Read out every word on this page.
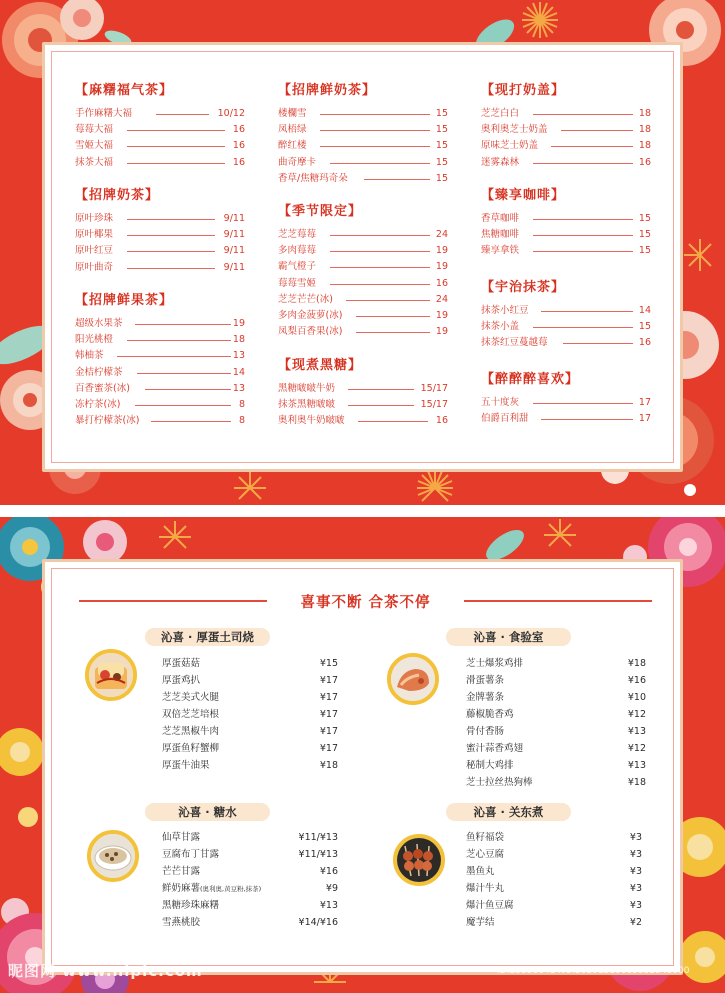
【麻糬福气茶】
手作麻糬大福	10/12
莓莓大福	16
雪姬大福	16
抹茶大福	16
【招牌奶茶】
原叶珍珠	9/11
原叶椰果	9/11
原叶红豆	9/11
原叶曲奇	9/11
【招牌鲜果茶】
超级水果茶	19
阳光桃橙	18
韩柚茶	13
金桔柠檬茶	14
百香蜜茶(冰)	13
冻柠茶(冰)	8
暴打柠檬茶(冰)	8
【招牌鲜奶茶】
楼欄雪	15
凤梧绿	15
醉红楼	15
曲奇摩卡	15
香草/焦糖玛奇朵	15
【季节限定】
芝芝莓莓	24
多肉莓莓	19
霸气橙子	19
莓莓雪姬	16
芝芝芒芒(冰)	24
多肉金菠萝(冰)	19
凤梨百香果(冰)	19
【现煮黑糖】
黑糖啵啵牛奶	15/17
抹茶黑糖啵啵	15/17
奥利奥牛奶啵啵	16
【现打奶盖】
芝芝白白	18
奥利奥芝士奶盖	18
原味芝士奶盖	18
迷雾森林	16
【臻享咖啡】
香草咖啡	15
焦糖咖啡	15
臻享拿铁	15
【宇治抹茶】
抹茶小红豆	14
抹茶小盖	15
抹茶红豆蔓越莓	16
【醉醉醉喜欢】
五十度灰	17
伯爵百利甜	17
喜事不断 合茶不停
沁喜 · 厚蛋土司烧
厚蛋菇菇	¥15
厚蛋鸡扒	¥17
芝芝美式火腿	¥17
双倍芝芝培根	¥17
芝芝黑椒牛肉	¥17
厚蛋鱼籽蟹柳	¥17
厚蛋牛油果	¥18
沁喜 · 食验室
芝士爆浆鸡排	¥18
滑蛋薯条	¥16
金牌薯条	¥10
藤椒脆香鸡	¥12
骨付香肠	¥13
蜜汁蒜香鸡翅	¥12
秘制大鸡排	¥13
芝士拉丝热狗棒	¥18
沁喜 · 糖水
仙草甘露	¥11/¥13
豆腐布丁甘露	¥11/¥13
芒芒甘露	¥16
鲜奶麻薯(奥利奥,黄豆粉,抹茶)	¥9
黑糖珍珠麻糬	¥13
雪燕桃胶	¥14/¥16
沁喜 · 关东煮
鱼籽福袋	¥3
芝心豆腐	¥3
墨鱼丸	¥3
爆汁牛丸	¥3
爆汁鱼豆腐	¥3
魔芋结	¥2
昵图网 www.nipic.com	ID:25556641 NO:20201210085952943000
